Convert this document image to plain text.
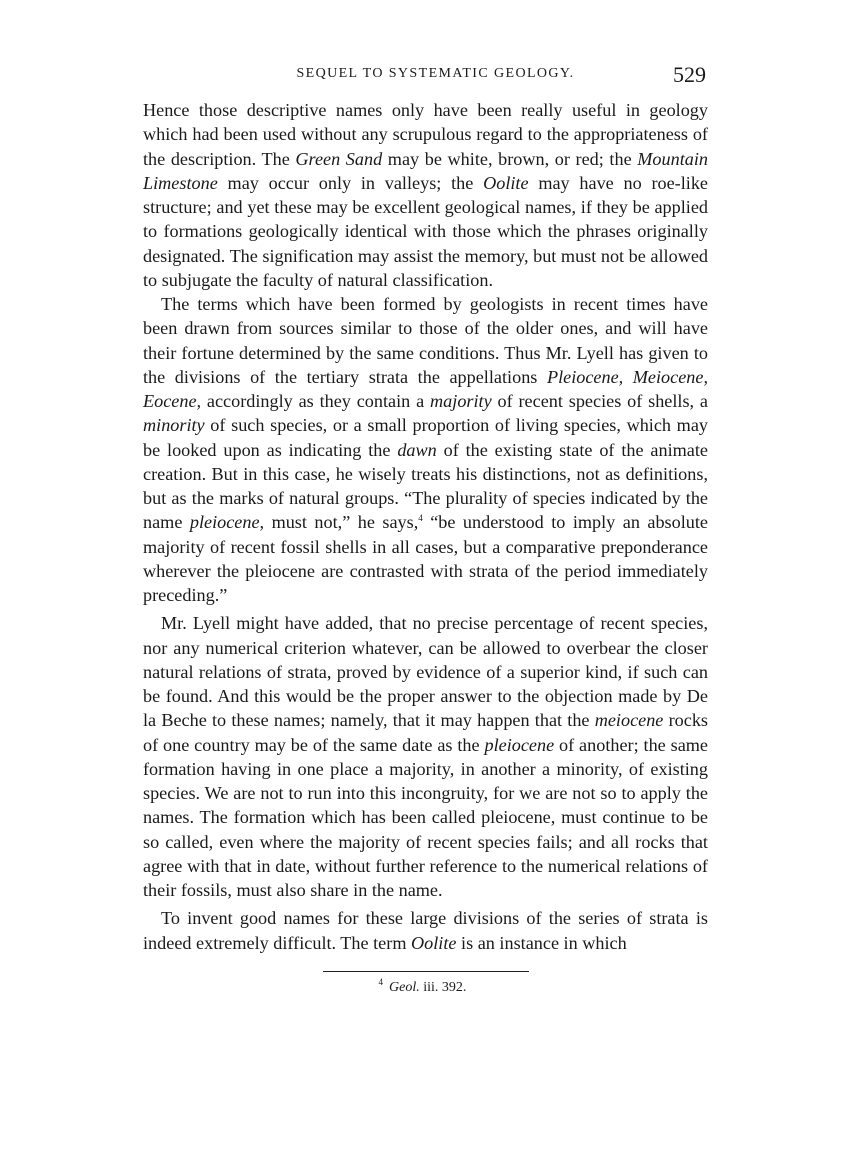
SEQUEL TO SYSTEMATIC GEOLOGY.	529

Hence those descriptive names only have been really useful in geology which had been used without any scrupulous regard to the appropriateness of the description. The Green Sand may be white, brown, or red; the Mountain Limestone may occur only in valleys; the Oolite may have no roe-like structure; and yet these may be excellent geological names, if they be applied to formations geologically identical with those which the phrases originally designated. The signification may assist the memory, but must not be allowed to subjugate the faculty of natural classification.

The terms which have been formed by geologists in recent times have been drawn from sources similar to those of the older ones, and will have their fortune determined by the same conditions. Thus Mr. Lyell has given to the divisions of the tertiary strata the appellations Pleiocene, Meiocene, Eocene, accordingly as they contain a majority of recent species of shells, a minority of such species, or a small proportion of living species, which may be looked upon as indicating the dawn of the existing state of the animate creation. But in this case, he wisely treats his distinctions, not as definitions, but as the marks of natural groups. “The plurality of species indicated by the name pleiocene, must not,” he says,$^4$ “be understood to imply an absolute majority of recent fossil shells in all cases, but a comparative preponderance wherever the pleiocene are contrasted with strata of the period immediately preceding.”

Mr. Lyell might have added, that no precise percentage of recent species, nor any numerical criterion whatever, can be allowed to overbear the closer natural relations of strata, proved by evidence of a superior kind, if such can be found. And this would be the proper answer to the objection made by De la Beche to these names; namely, that it may happen that the meiocene rocks of one country may be of the same date as the pleiocene of another; the same formation having in one place a majority, in another a minority, of existing species. We are not to run into this incongruity, for we are not so to apply the names. The formation which has been called pleiocene, must continue to be so called, even where the majority of recent species fails; and all rocks that agree with that in date, without further reference to the numerical relations of their fossils, must also share in the name.

To invent good names for these large divisions of the series of strata is indeed extremely difficult. The term Oolite is an instance in which

$^4$ Geol. iii. 392.
